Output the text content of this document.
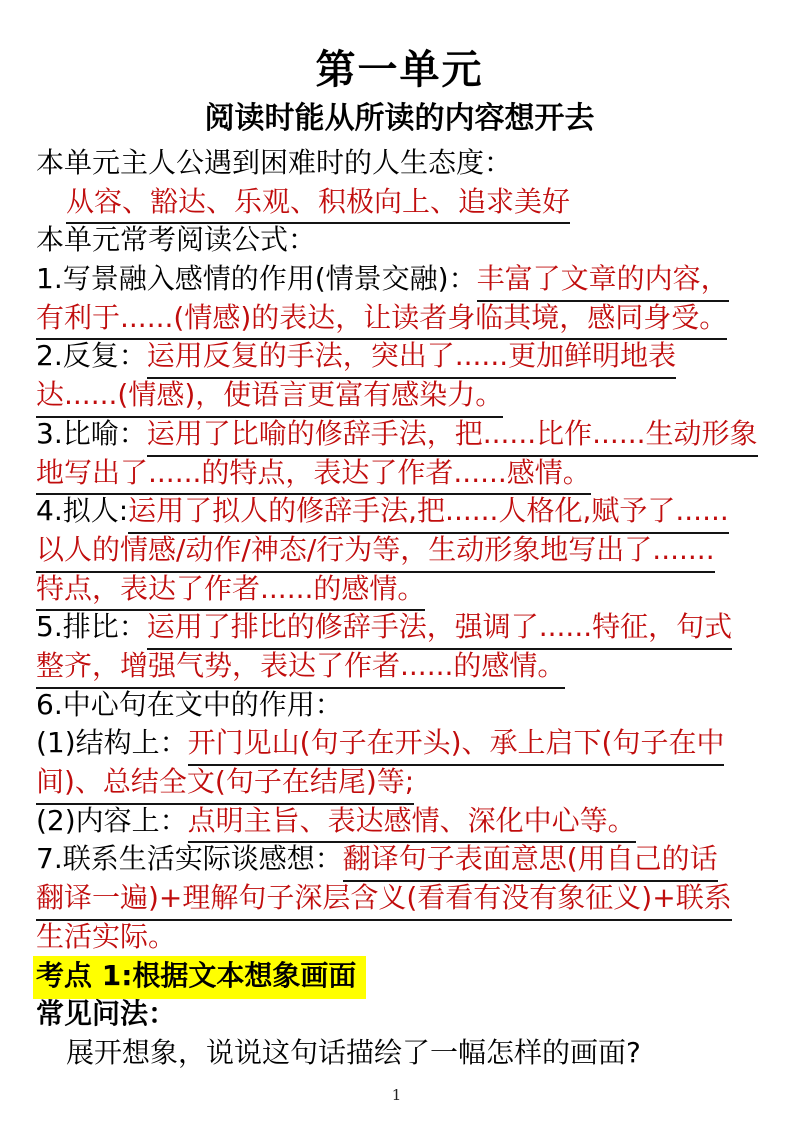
第一单元
阅读时能从所读的内容想开去
本单元主人公遇到困难时的人生态度：
从容、豁达、乐观、积极向上、追求美好
本单元常考阅读公式：
1.写景融入感情的作用(情景交融)：丰富了文章的内容，
有利于......(情感)的表达，让读者身临其境，感同身受。
2.反复：运用反复的手法，突出了......更加鲜明地表
达......(情感)，使语言更富有感染力。
3.比喻：运用了比喻的修辞手法，把......比作......生动形象
地写出了......的特点，表达了作者......感情。
4.拟人:运用了拟人的修辞手法,把......人格化,赋予了......
以人的情感/动作/神态/行为等，生动形象地写出了.......
特点，表达了作者......的感情。
5.排比：运用了排比的修辞手法，强调了......特征，句式
整齐，增强气势，表达了作者......的感情。
6.中心句在文中的作用：
(1)结构上：开门见山(句子在开头)、承上启下(句子在中
间)、总结全文(句子在结尾)等;
(2)内容上：点明主旨、表达感情、深化中心等。
7.联系生活实际谈感想：翻译句子表面意思(用自己的话
翻译一遍)+理解句子深层含义(看看有没有象征义)+联系
生活实际。
考点 1:根据文本想象画面
常见问法：
展开想象，说说这句话描绘了一幅怎样的画面?
1
